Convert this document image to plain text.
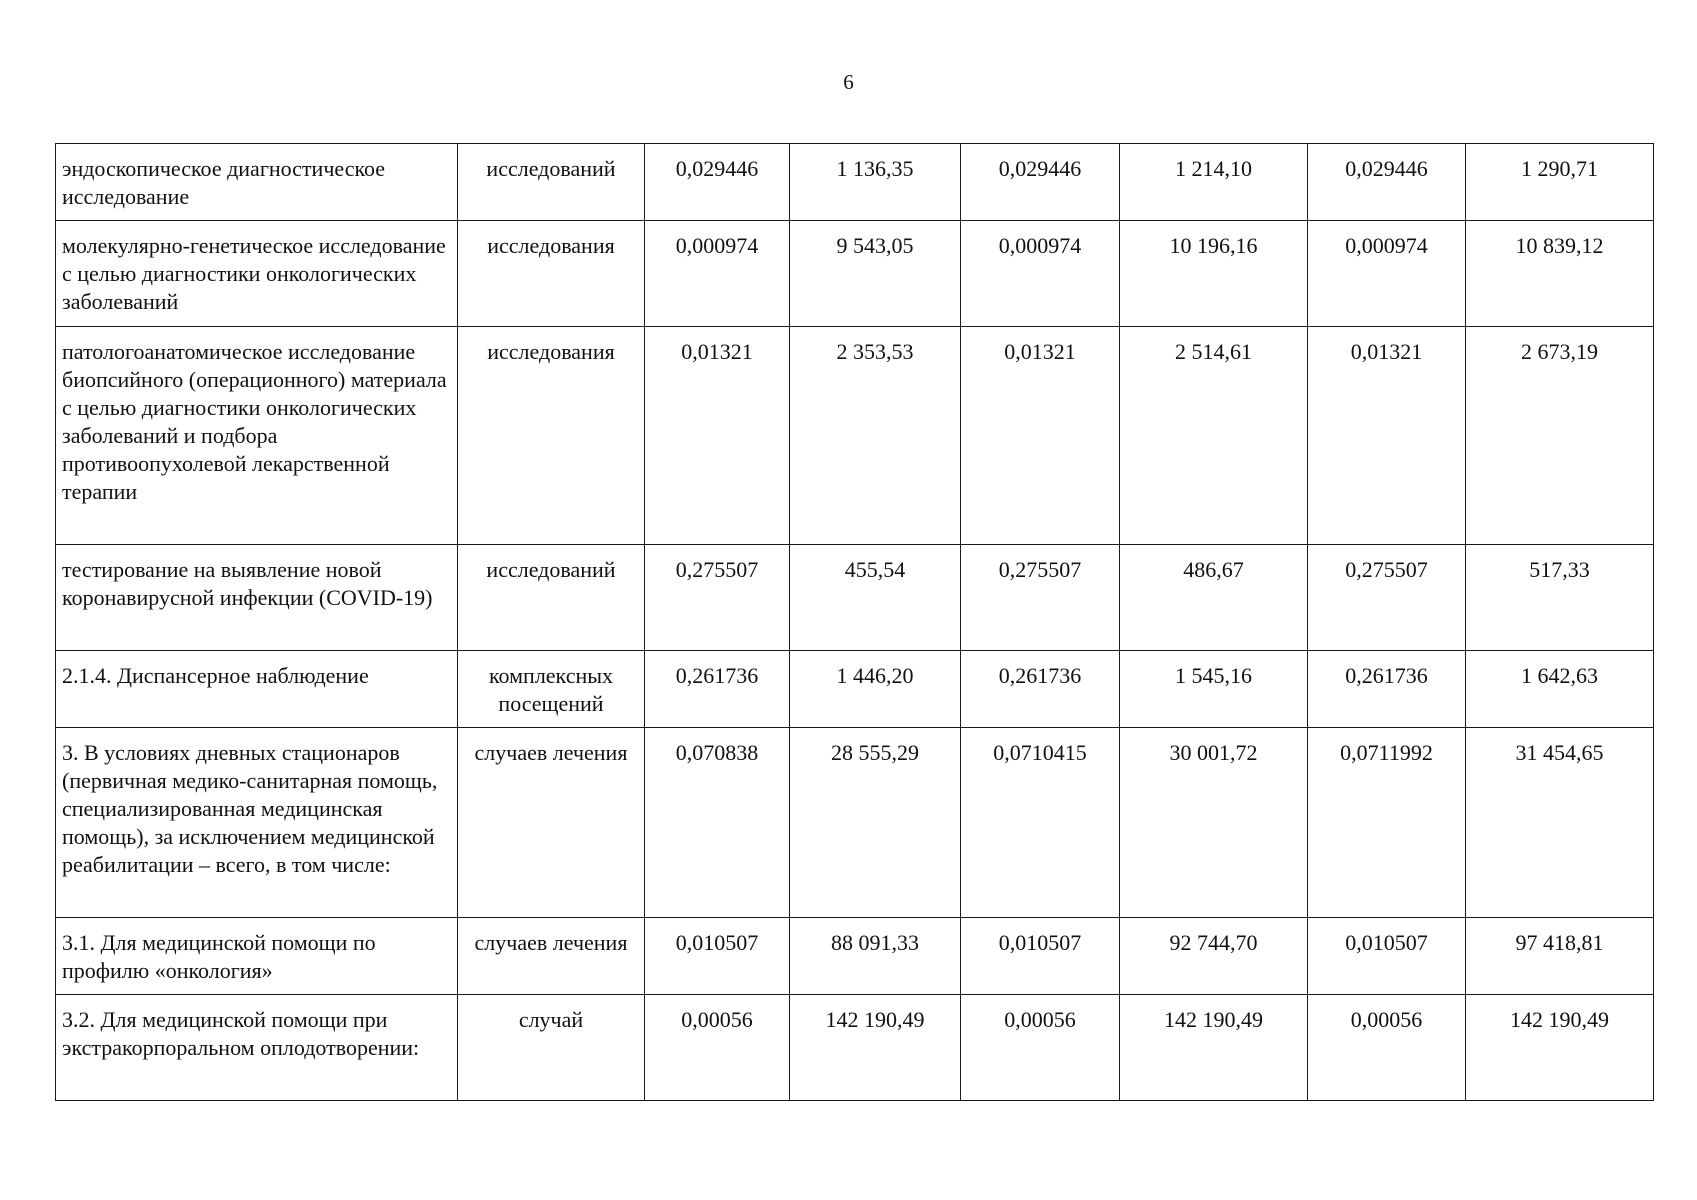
6
эндоскопическое диагностическое исследование	исследований	0,029446	1 136,35	0,029446	1 214,10	0,029446	1 290,71
молекулярно-генетическое исследование с целью диагностики онкологических заболеваний	исследования	0,000974	9 543,05	0,000974	10 196,16	0,000974	10 839,12
патологоанатомическое исследование биопсийного (операционного) материала с целью диагностики онкологических заболеваний и подбора противоопухолевой лекарственной терапии	исследования	0,01321	2 353,53	0,01321	2 514,61	0,01321	2 673,19
тестирование на выявление новой коронавирусной инфекции (COVID-19)	исследований	0,275507	455,54	0,275507	486,67	0,275507	517,33
2.1.4. Диспансерное наблюдение	комплексных посещений	0,261736	1 446,20	0,261736	1 545,16	0,261736	1 642,63
3. В условиях дневных стационаров (первичная медико-санитарная помощь, специализированная медицинская помощь), за исключением медицинской реабилитации – всего, в том числе:	случаев лечения	0,070838	28 555,29	0,0710415	30 001,72	0,0711992	31 454,65
3.1. Для медицинской помощи по профилю «онкология»	случаев лечения	0,010507	88 091,33	0,010507	92 744,70	0,010507	97 418,81
3.2. Для медицинской помощи при экстракорпоральном оплодотворении:	случай	0,00056	142 190,49	0,00056	142 190,49	0,00056	142 190,49
